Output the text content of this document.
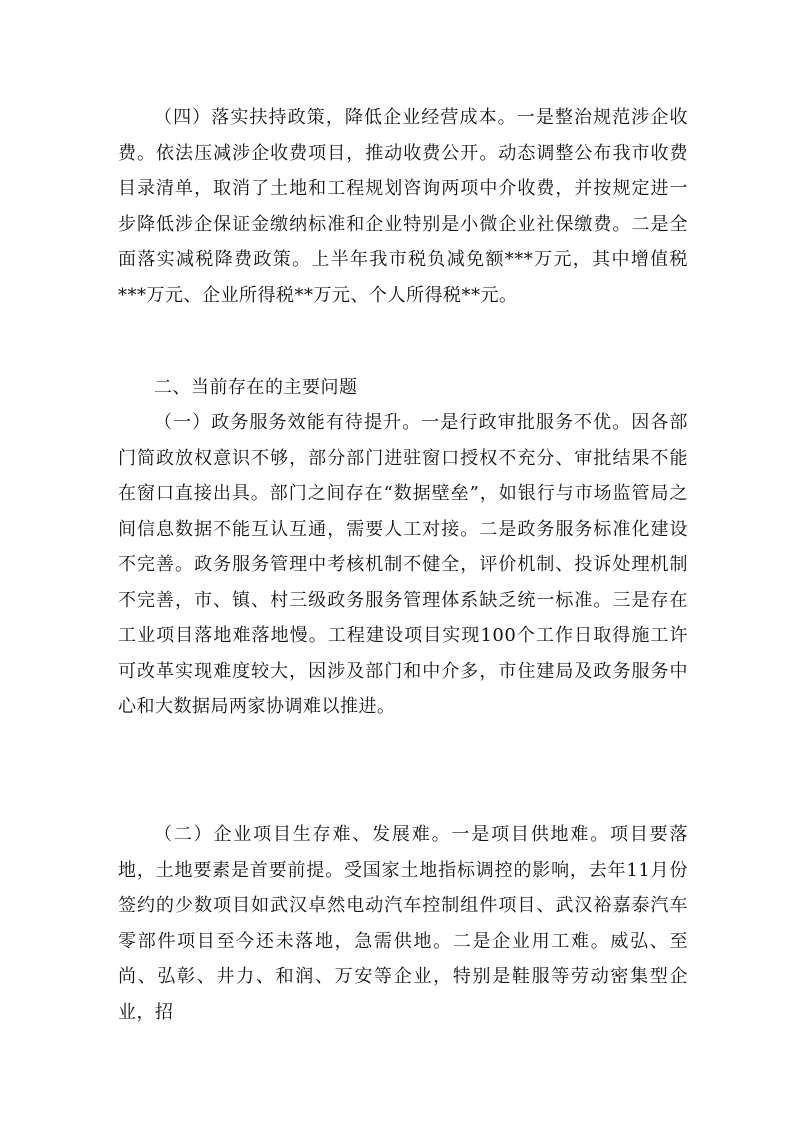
（四）落实扶持政策，降低企业经营成本。一是整治规范涉企收费。依法压减涉企收费项目，推动收费公开。动态调整公布我市收费目录清单，取消了土地和工程规划咨询两项中介收费，并按规定进一步降低涉企保证金缴纳标准和企业特别是小微企业社保缴费。二是全面落实减税降费政策。上半年我市税负减免额***万元，其中增值税***万元、企业所得税**万元、个人所得税**元。

二、当前存在的主要问题

（一）政务服务效能有待提升。一是行政审批服务不优。因各部门简政放权意识不够，部分部门进驻窗口授权不充分、审批结果不能在窗口直接出具。部门之间存在“数据壁垒”，如银行与市场监管局之间信息数据不能互认互通，需要人工对接。二是政务服务标准化建设不完善。政务服务管理中考核机制不健全，评价机制、投诉处理机制不完善，市、镇、村三级政务服务管理体系缺乏统一标准。三是存在工业项目落地难落地慢。工程建设项目实现100个工作日取得施工许可改革实现难度较大，因涉及部门和中介多，市住建局及政务服务中心和大数据局两家协调难以推进。

（二）企业项目生存难、发展难。一是项目供地难。项目要落地，土地要素是首要前提。受国家土地指标调控的影响，去年11月份签约的少数项目如武汉卓然电动汽车控制组件项目、武汉裕嘉泰汽车零部件项目至今还未落地，急需供地。二是企业用工难。威弘、至尚、弘彰、井力、和润、万安等企业，特别是鞋服等劳动密集型企业，招
